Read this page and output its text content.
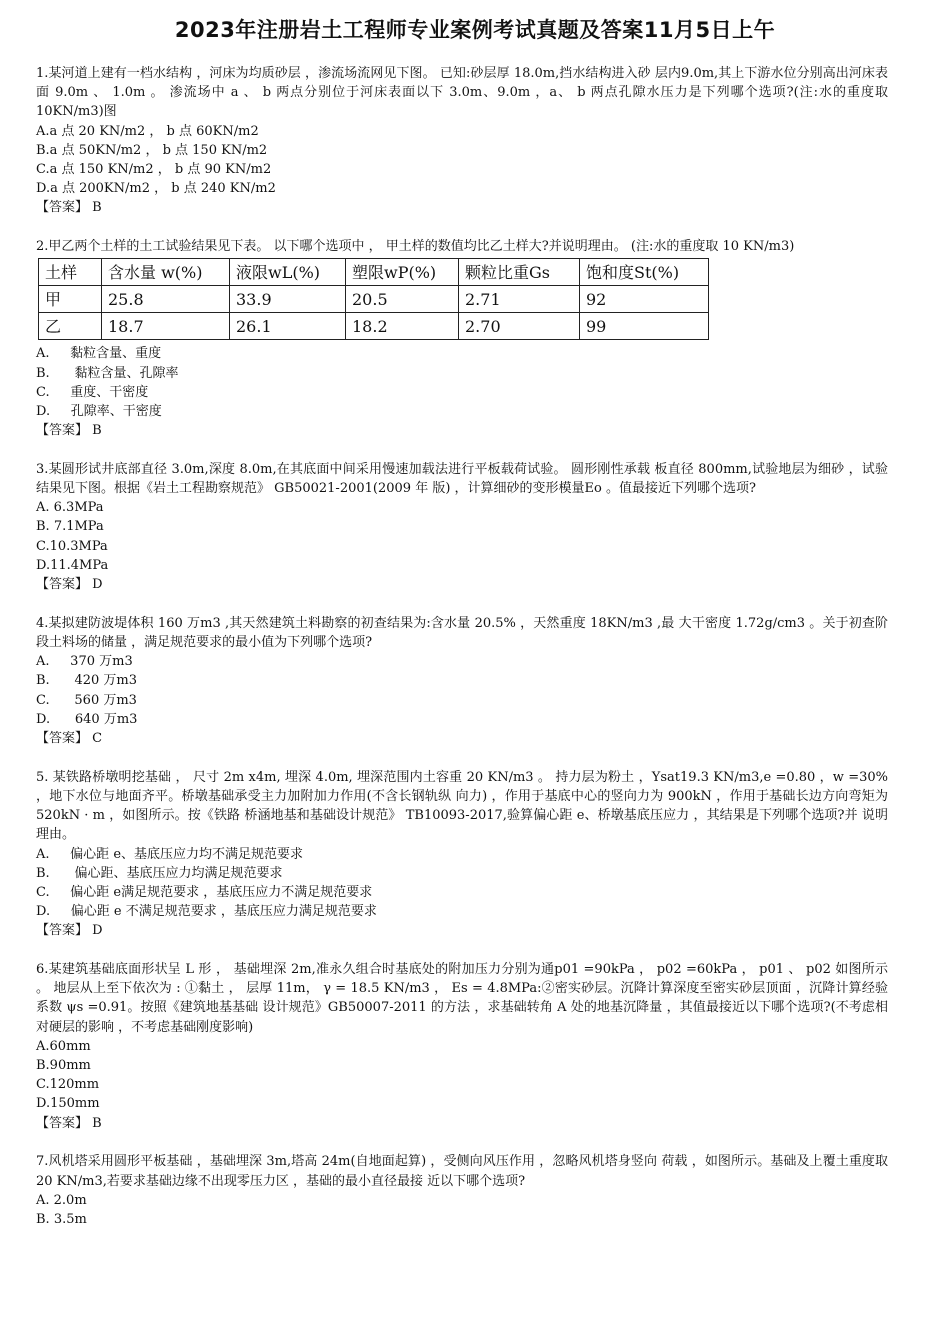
2023年注册岩土工程师专业案例考试真题及答案11月5日上午

1.某河道上建有一档水结构 ，河床为均质砂层 ，渗流场流网见下图。 已知:砂层厚 18.0m,挡水结构进入砂 层内9.0m,其上下游水位分别高出河床表面 9.0m 、 1.0m 。 渗流场中 a 、 b 两点分别位于河床表面以下 3.0m、9.0m ，a、 b 两点孔隙水压力是下列哪个选项?(注:水的重度取 10KN/m3)图

A.a 点 20 KN/m2 ， b 点 60KN/m2

B.a 点 50KN/m2 ， b 点 150 KN/m2

C.a 点 150 KN/m2 ， b 点 90 KN/m2

D.a 点 200KN/m2 ， b 点 240 KN/m2

【答案】 B

2.甲乙两个土样的土工试验结果见下表。 以下哪个选项中 ， 甲土样的数值均比乙土样大?并说明理由。 (注:水的重度取 10 KN/m3)

土样	含水量 w(%)	液限wL(%)	塑限wP(%)	颗粒比重Gs	饱和度St(%)
甲	25.8	33.9	20.5	2.71	92
乙	18.7	26.1	18.2	2.70	99

A.     黏粒含量、重度

B.      黏粒含量、孔隙率

C.     重度、干密度

D.     孔隙率、干密度

【答案】 B

3.某圆形试井底部直径 3.0m,深度 8.0m,在其底面中间采用慢速加载法进行平板载荷试验。 圆形刚性承载 板直径 800mm,试验地层为细砂 ，试验结果见下图。根据《岩土工程勘察规范》 GB50021-2001(2009 年 版) ，计算细砂的变形模量Eo 。值最接近下列哪个选项?

A. 6.3MPa

B. 7.1MPa

C.10.3MPa

D.11.4MPa

【答案】 D

4.某拟建防波堤体积 160 万m3 ,其天然建筑土料勘察的初查结果为:含水量 20.5% ，天然重度 18KN/m3 ,最 大干密度 1.72g/cm3 。关于初查阶段土料场的储量 ，满足规范要求的最小值为下列哪个选项?

A.     370 万m3

B.      420 万m3

C.      560 万m3

D.      640 万m3

【答案】 C

5. 某铁路桥墩明挖基础 ， 尺寸 2m x4m, 埋深 4.0m, 埋深范围内土容重 20 KN/m3 。 持力层为粉土 ，Ysat19.3 KN/m3,e =0.80 ，w =30% ，地下水位与地面齐平。桥墩基础承受主力加附加力作用(不含长钢轨纵 向力) ，作用于基底中心的竖向力为 900kN ，作用于基础长边方向弯矩为 520kN · m ，如图所示。按《铁路 桥涵地基和基础设计规范》 TB10093-2017,验算偏心距 e、桥墩基底压应力 ，其结果是下列哪个选项?并 说明理由。

A.     偏心距 e、基底压应力均不满足规范要求

B.      偏心距、基底压应力均满足规范要求

C.     偏心距 e满足规范要求 ，基底压应力不满足规范要求

D.     偏心距 e 不满足规范要求 ，基底压应力满足规范要求

【答案】 D

6.某建筑基础底面形状呈 L 形 ， 基础埋深 2m,准永久组合时基底处的附加压力分别为通p01 =90kPa ， p02 =60kPa ， p01 、 p02 如图所示 。 地层从上至下依次为 : ①黏土 ， 层厚 11m， γ = 18.5 KN/m3 ， Es = 4.8MPa:②密实砂层。沉降计算深度至密实砂层顶面 ，沉降计算经验系数 ψs =0.91。按照《建筑地基基础 设计规范》GB50007-2011 的方法 ，求基础转角 A 处的地基沉降量 ，其值最接近以下哪个选项?(不考虑相 对硬层的影响 ，不考虑基础刚度影响)

A.60mm

B.90mm

C.120mm

D.150mm

【答案】 B

7.风机塔采用圆形平板基础 ，基础埋深 3m,塔高 24m(自地面起算) ，受侧向风压作用 ，忽略风机塔身竖向 荷载 ，如图所示。基础及上覆土重度取 20 KN/m3,若要求基础边缘不出现零压力区 ，基础的最小直径最接 近以下哪个选项?

A. 2.0m

B. 3.5m
